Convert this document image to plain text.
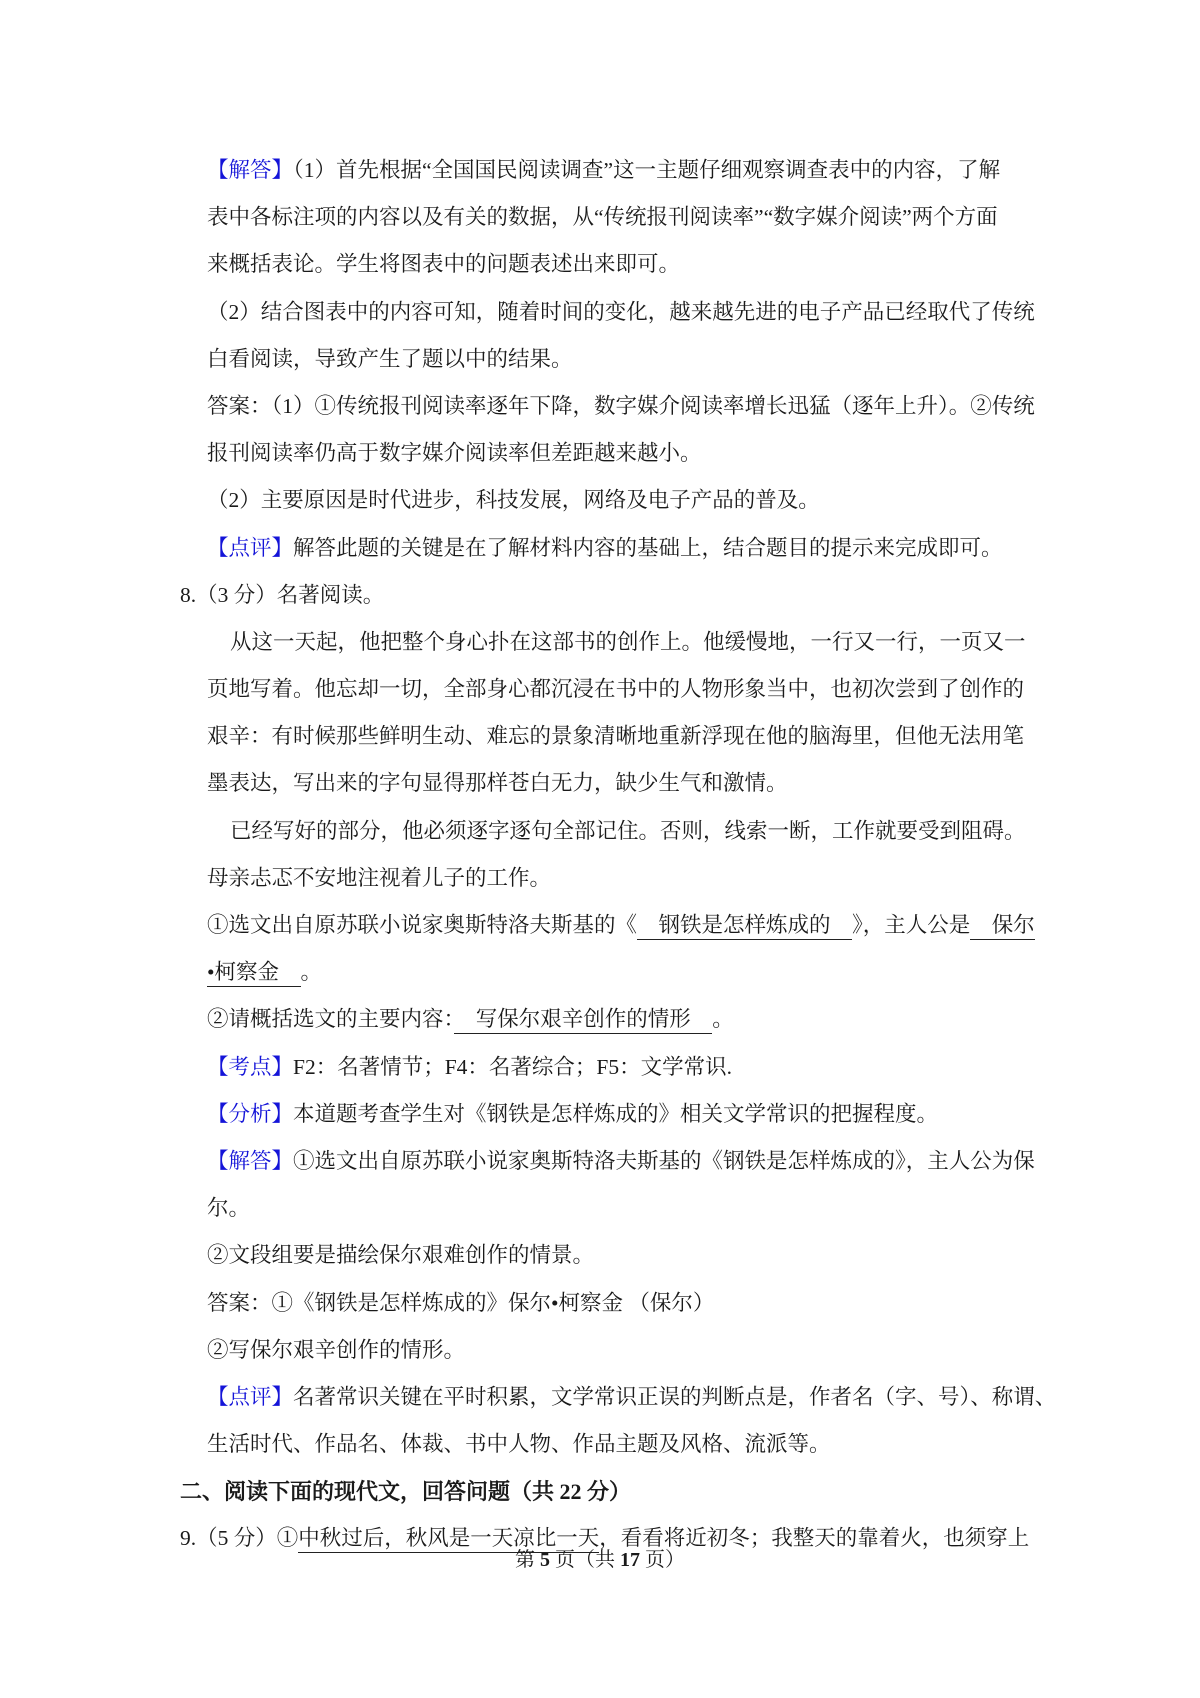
【解答】（1）首先根据“全国国民阅读调查”这一主题仔细观察调查表中的内容，了解
表中各标注项的内容以及有关的数据，从“传统报刊阅读率”“数字媒介阅读”两个方面
来概括表论。学生将图表中的问题表述出来即可。
（2）结合图表中的内容可知，随着时间的变化，越来越先进的电子产品已经取代了传统
白看阅读，导致产生了题以中的结果。
答案：（1）①传统报刊阅读率逐年下降，数字媒介阅读率增长迅猛（逐年上升）。②传统
报刊阅读率仍高于数字媒介阅读率但差距越来越小。
（2）主要原因是时代进步，科技发展，网络及电子产品的普及。
【点评】解答此题的关键是在了解材料内容的基础上，结合题目的提示来完成即可。
8.（3 分）名著阅读。
从这一天起，他把整个身心扑在这部书的创作上。他缓慢地，一行又一行，一页又一
页地写着。他忘却一切，全部身心都沉浸在书中的人物形象当中，也初次尝到了创作的
艰辛：有时候那些鲜明生动、难忘的景象清晰地重新浮现在他的脑海里，但他无法用笔
墨表达，写出来的字句显得那样苍白无力，缺少生气和激情。
已经写好的部分，他必须逐字逐句全部记住。否则，线索一断，工作就要受到阻碍。
母亲忐忑不安地注视着儿子的工作。
①选文出自原苏联小说家奥斯特洛夫斯基的《　钢铁是怎样炼成的　》，主人公是　保尔
•柯察金　。
②请概括选文的主要内容：　写保尔艰辛创作的情形　。
【考点】F2：名著情节；F4：名著综合；F5：文学常识.
【分析】本道题考查学生对《钢铁是怎样炼成的》相关文学常识的把握程度。
【解答】①选文出自原苏联小说家奥斯特洛夫斯基的《钢铁是怎样炼成的》，主人公为保
尔。
②文段组要是描绘保尔艰难创作的情景。
答案：①《钢铁是怎样炼成的》保尔•柯察金 （保尔）
②写保尔艰辛创作的情形。
【点评】名著常识关键在平时积累，文学常识正误的判断点是，作者名（字、号）、称谓、
生活时代、作品名、体裁、书中人物、作品主题及风格、流派等。
二、阅读下面的现代文，回答问题（共 22 分）
9.（5 分）①中秋过后，秋风是一天凉比一天，看看将近初冬；我整天的靠着火，也须穿上
第 5 页（共 17 页）
